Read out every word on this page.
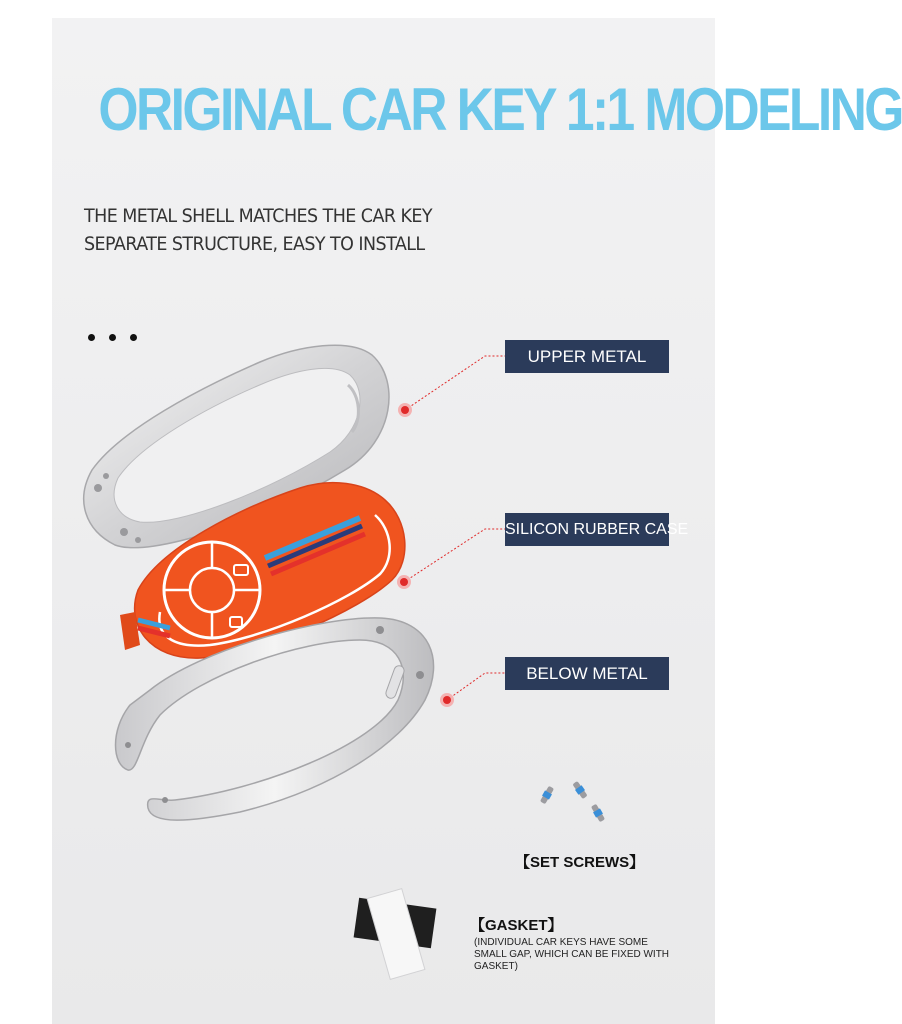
ORIGINAL CAR KEY 1:1 MODELING
THE METAL SHELL MATCHES THE CAR KEY
SEPARATE STRUCTURE, EASY TO INSTALL
UPPER METAL
SILICON RUBBER CASE
BELOW METAL
【SET SCREWS】
【GASKET】
(INDIVIDUAL CAR KEYS HAVE SOME SMALL GAP, WHICH CAN BE FIXED WITH GASKET)
